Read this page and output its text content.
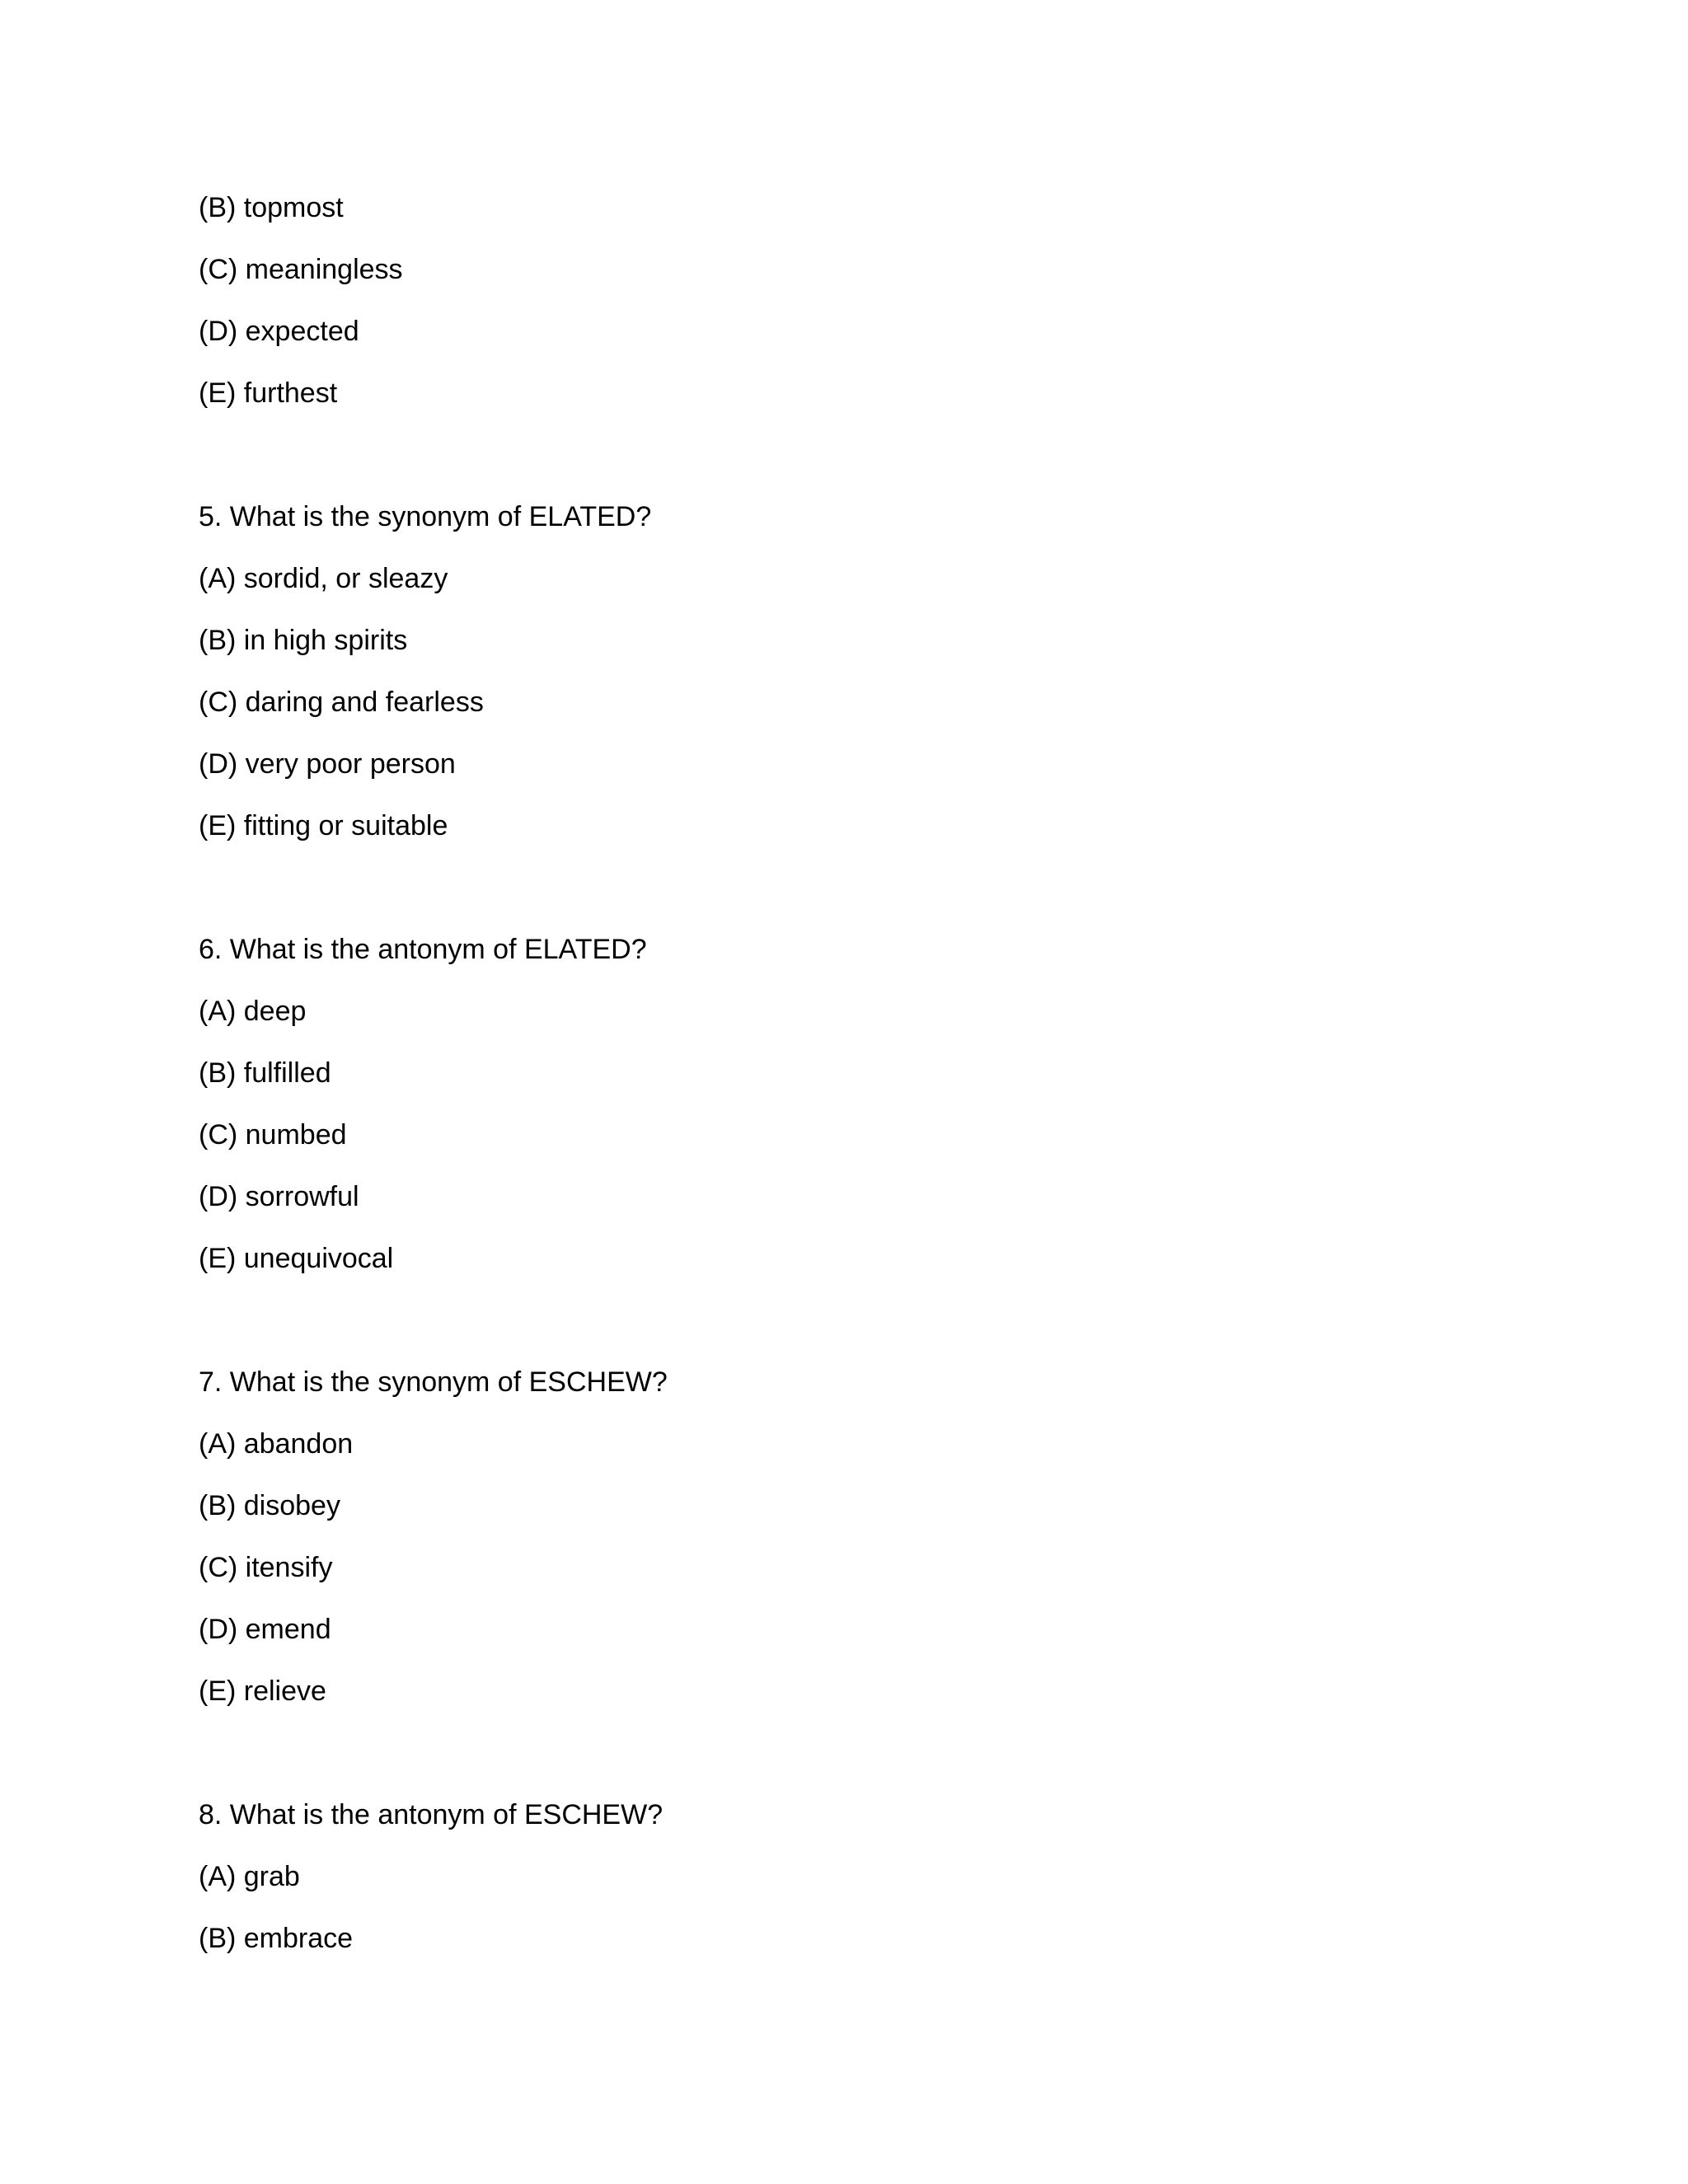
(B) topmost
(C) meaningless
(D) expected
(E) furthest
5. What is the synonym of ELATED?
(A) sordid, or sleazy
(B) in high spirits
(C) daring and fearless
(D) very poor person
(E) fitting or suitable
6. What is the antonym of ELATED?
(A) deep
(B) fulfilled
(C) numbed
(D) sorrowful
(E) unequivocal
7. What is the synonym of ESCHEW?
(A) abandon
(B) disobey
(C) itensify
(D) emend
(E) relieve
8. What is the antonym of ESCHEW?
(A) grab
(B) embrace
